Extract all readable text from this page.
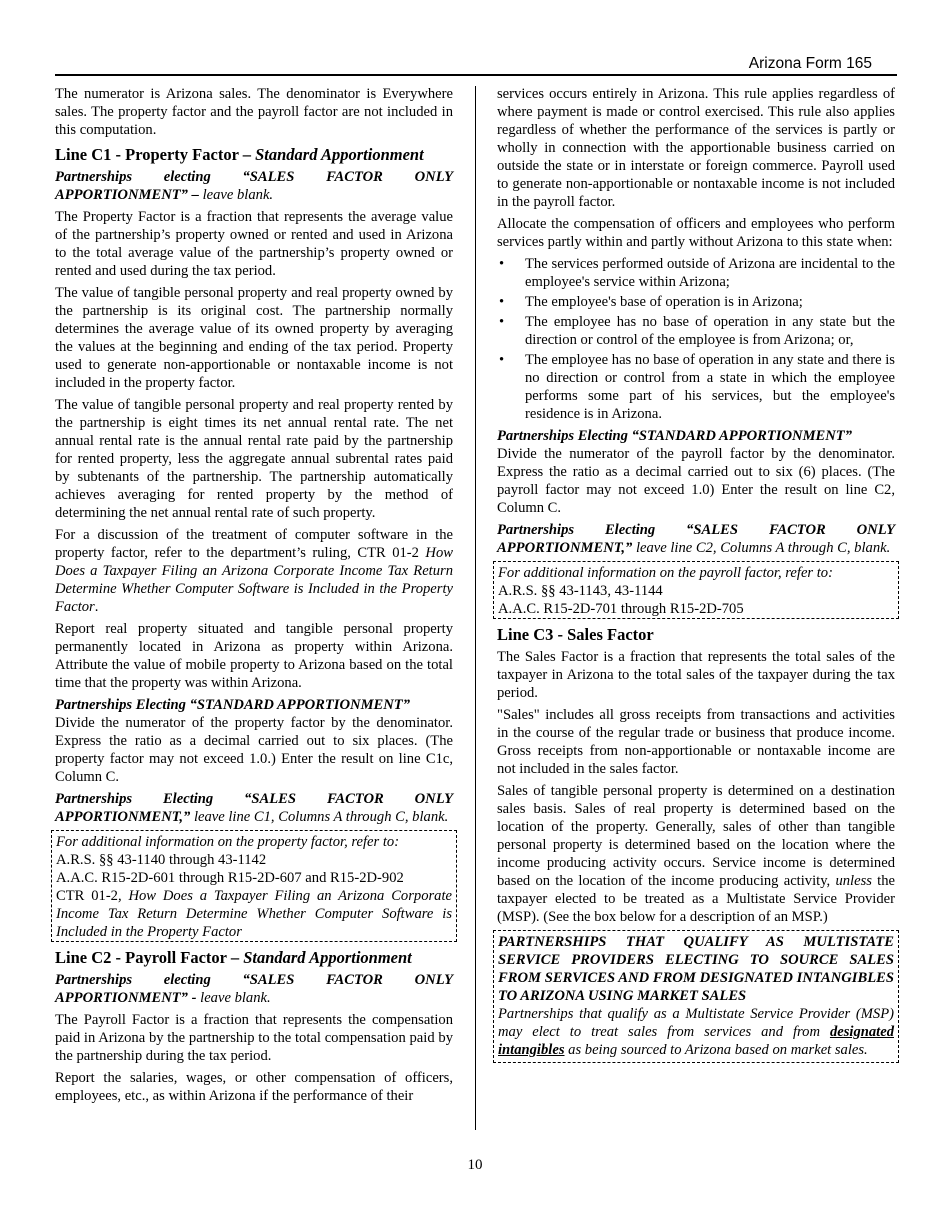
Arizona Form 165

The numerator is Arizona sales. The denominator is Everywhere sales. The property factor and the payroll factor are not included in this computation.

Line C1 - Property Factor – Standard Apportionment

Partnerships electing “SALES FACTOR ONLY APPORTIONMENT” – leave blank.

The Property Factor is a fraction that represents the average value of the partnership’s property owned or rented and used in Arizona to the total average value of the partnership’s property owned or rented and used during the tax period.

The value of tangible personal property and real property owned by the partnership is its original cost. The partnership normally determines the average value of its owned property by averaging the values at the beginning and ending of the tax period. Property used to generate non-apportionable or nontaxable income is not included in the property factor.

The value of tangible personal property and real property rented by the partnership is eight times its net annual rental rate. The net annual rental rate is the annual rental rate paid by the partnership for rented property, less the aggregate annual subrental rates paid by subtenants of the partnership. The partnership automatically achieves averaging for rented property by the method of determining the net annual rental rate of such property.

For a discussion of the treatment of computer software in the property factor, refer to the department’s ruling, CTR 01-2 How Does a Taxpayer Filing an Arizona Corporate Income Tax Return Determine Whether Computer Software is Included in the Property Factor.

Report real property situated and tangible personal property permanently located in Arizona as property within Arizona. Attribute the value of mobile property to Arizona based on the total time that the property was within Arizona.

Partnerships Electing “STANDARD APPORTIONMENT”

Divide the numerator of the property factor by the denominator. Express the ratio as a decimal carried out to six places. (The property factor may not exceed 1.0.) Enter the result on line C1c, Column C.

Partnerships Electing “SALES FACTOR ONLY APPORTIONMENT,” leave line C1, Columns A through C, blank.

For additional information on the property factor, refer to:

A.R.S. §§ 43-1140 through 43-1142

A.A.C. R15-2D-601 through R15-2D-607 and R15-2D-902

CTR 01-2, How Does a Taxpayer Filing an Arizona Corporate Income Tax Return Determine Whether Computer Software is Included in the Property Factor

Line C2 - Payroll Factor – Standard Apportionment

Partnerships electing “SALES FACTOR ONLY APPORTIONMENT” - leave blank.

The Payroll Factor is a fraction that represents the compensation paid in Arizona by the partnership to the total compensation paid by the partnership during the tax period.

Report the salaries, wages, or other compensation of officers, employees, etc., as within Arizona if the performance of their

services occurs entirely in Arizona. This rule applies regardless of where payment is made or control exercised. This rule also applies regardless of whether the performance of the services is partly or wholly in connection with the apportionable business carried on outside the state or in interstate or foreign commerce. Payroll used to generate non-apportionable or nontaxable income is not included in the payroll factor.

Allocate the compensation of officers and employees who perform services partly within and partly without Arizona to this state when:

• The services performed outside of Arizona are incidental to the employee's service within Arizona;
• The employee's base of operation is in Arizona;
• The employee has no base of operation in any state but the direction or control of the employee is from Arizona; or,
• The employee has no base of operation in any state and there is no direction or control from a state in which the employee performs some part of his services, but the employee's residence is in Arizona.

Partnerships Electing “STANDARD APPORTIONMENT”

Divide the numerator of the payroll factor by the denominator. Express the ratio as a decimal carried out to six (6) places. (The payroll factor may not exceed 1.0) Enter the result on line C2, Column C.

Partnerships Electing “SALES FACTOR ONLY APPORTIONMENT,” leave line C2, Columns A through C, blank.

For additional information on the payroll factor, refer to:

A.R.S. §§ 43-1143, 43-1144

A.A.C. R15-2D-701 through R15-2D-705

Line C3 - Sales Factor

The Sales Factor is a fraction that represents the total sales of the taxpayer in Arizona to the total sales of the taxpayer during the tax period.

"Sales" includes all gross receipts from transactions and activities in the course of the regular trade or business that produce income. Gross receipts from non-apportionable or nontaxable income are not included in the sales factor.

Sales of tangible personal property is determined on a destination sales basis. Sales of real property is determined based on the location of the property. Generally, sales of other than tangible personal property is determined based on the location where the income producing activity occurs. Service income is determined based on the location of the income producing activity, unless the taxpayer elected to be treated as a Multistate Service Provider (MSP). (See the box below for a description of an MSP.)

PARTNERSHIPS THAT QUALIFY AS MULTISTATE SERVICE PROVIDERS ELECTING TO SOURCE SALES FROM SERVICES AND FROM DESIGNATED INTANGIBLES TO ARIZONA USING MARKET SALES

Partnerships that qualify as a Multistate Service Provider (MSP) may elect to treat sales from services and from designated intangibles as being sourced to Arizona based on market sales.

10
